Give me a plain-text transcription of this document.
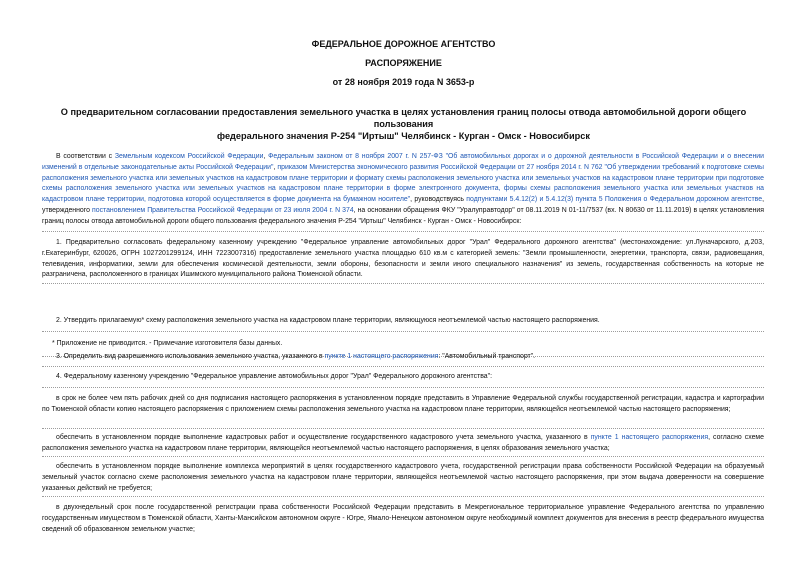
ФЕДЕРАЛЬНОЕ ДОРОЖНОЕ АГЕНТСТВО
РАСПОРЯЖЕНИЕ
от 28 ноября 2019 года N 3653-р
О предварительном согласовании предоставления земельного участка в целях установления границ полосы отвода автомобильной дороги общего пользования
федерального значения Р-254 "Иртыш" Челябинск - Курган - Омск - Новосибирск
В соответствии с Земельным кодексом Российской Федерации, Федеральным законом от 8 ноября 2007 г. N 257-ФЗ "Об автомобильных дорогах и о дорожной деятельности в Российской Федерации и о внесении изменений в отдельные законодательные акты Российской Федерации", приказом Министерства экономического развития Российской Федерации от 27 ноября 2014 г. N 762 "Об утверждении требований к подготовке схемы расположения земельного участка или земельных участков на кадастровом плане территории и формату схемы расположения земельного участка или земельных участков на кадастровом плане территории при подготовке схемы расположения земельного участка или земельных участков на кадастровом плане территории в форме электронного документа, формы схемы расположения земельного участка или земельных участков на кадастровом плане территории, подготовка которой осуществляется в форме документа на бумажном носителе", руководствуясь подпунктами 5.4.12(2) и 5.4.12(3) пункта 5 Положения о Федеральном дорожном агентстве, утвержденного постановлением Правительства Российской Федерации от 23 июля 2004 г. N 374, на основании обращения ФКУ "Уралуправтодор" от 08.11.2019 N 01-11/7537 (вх. N 80630 от 11.11.2019) в целях установления границ полосы отвода автомобильной дороги общего пользования федерального значения Р-254 "Иртыш" Челябинск - Курган - Омск - Новосибирск:
1. Предварительно согласовать федеральному казенному учреждению "Федеральное управление автомобильных дорог "Урал" Федерального дорожного агентства" (местонахождение: ул.Луначарского, д.203, г.Екатеринбург, 620026, ОГРН 1027201299124, ИНН 7223007316) предоставление земельного участка площадью 610 кв.м с категорией земель: "Земли промышленности, энергетики, транспорта, связи, радиовещания, телевидения, информатики, земли для обеспечения космической деятельности, земли обороны, безопасности и земли иного специального назначения" из земель, государственная собственность на которые не разграничена, расположенного в границах Ишимского муниципального района Тюменской области.
2. Утвердить прилагаемую* схему расположения земельного участка на кадастровом плане территории, являющуюся неотъемлемой частью настоящего распоряжения.
* Приложение не приводится. - Примечание изготовителя базы данных.
3. Определить вид разрешенного использования земельного участка, указанного в пункте 1 настоящего распоряжения: "Автомобильный транспорт".
4. Федеральному казенному учреждению "Федеральное управление автомобильных дорог "Урал" Федерального дорожного агентства":
в срок не более чем пять рабочих дней со дня подписания настоящего распоряжения в установленном порядке представить в Управление Федеральной службы государственной регистрации, кадастра и картографии по Тюменской области копию настоящего распоряжения с приложением схемы расположения земельного участка на кадастровом плане территории, являющейся неотъемлемой частью настоящего распоряжения;
обеспечить в установленном порядке выполнение кадастровых работ и осуществление государственного кадастрового учета земельного участка, указанного в пункте 1 настоящего распоряжения, согласно схеме расположения земельного участка на кадастровом плане территории, являющейся неотъемлемой частью настоящего распоряжения, в целях образования земельного участка;
обеспечить в установленном порядке выполнение комплекса мероприятий в целях государственного кадастрового учета, государственной регистрации права собственности Российской Федерации на образуемый земельный участок согласно схеме расположения земельного участка на кадастровом плане территории, являющейся неотъемлемой частью настоящего распоряжения, при этом выдача доверенности на совершение указанных действий не требуется;
в двухнедельный срок после государственной регистрации права собственности Российской Федерации представить в Межрегиональное территориальное управление Федерального агентства по управлению государственным имуществом в Тюменской области, Ханты-Мансийском автономном округе - Югре, Ямало-Ненецком автономном округе необходимый комплект документов для внесения в реестр федерального имущества сведений об образованном земельном участке;
